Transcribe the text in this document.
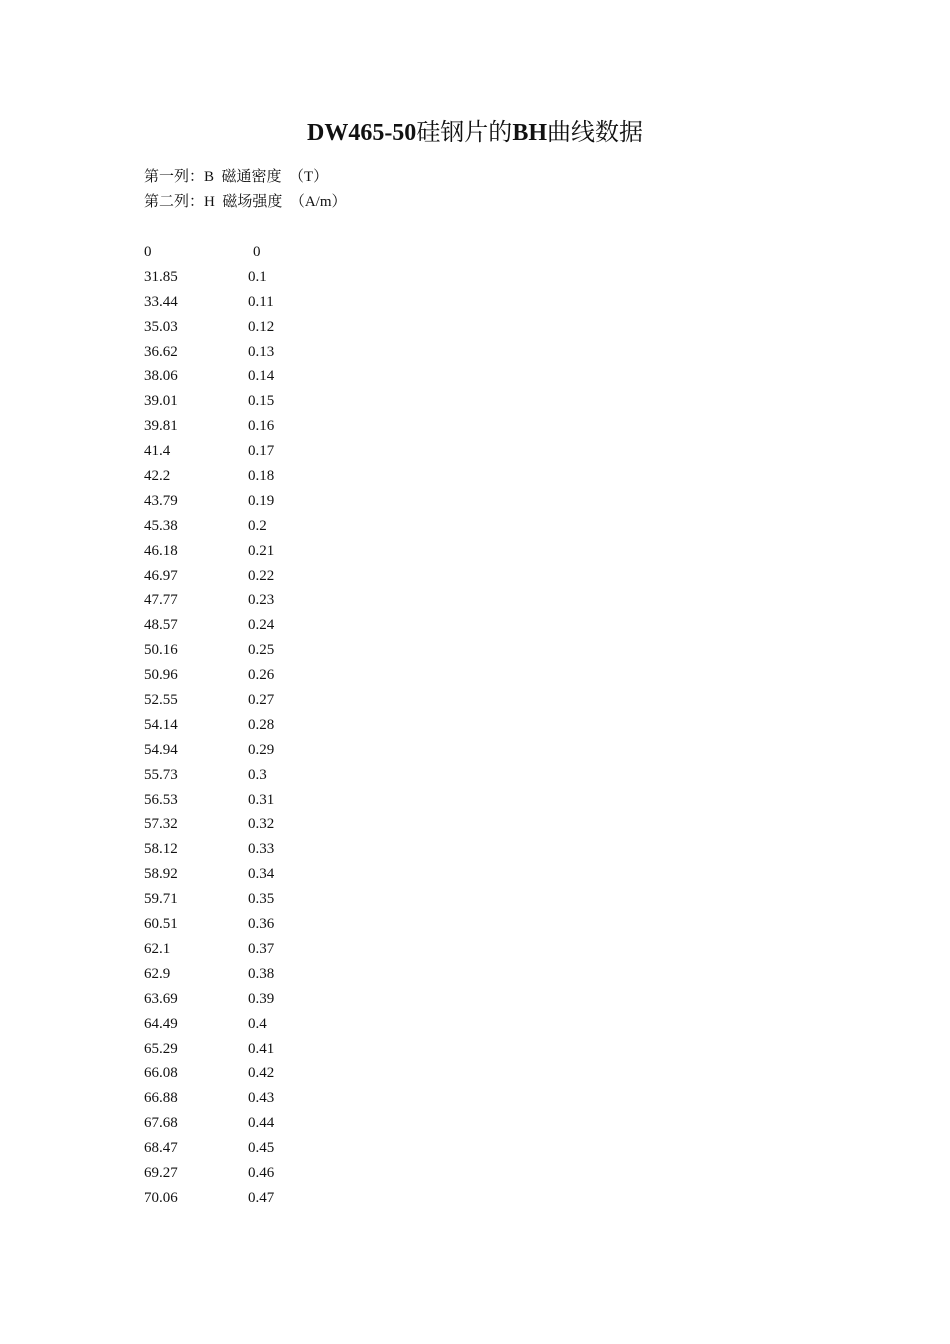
DW465-50硅钢片的BH曲线数据
第一列：B  磁通密度  （T）
第二列：H  磁场强度  （A/m）
0	0
31.85	0.1
33.44	0.11
35.03	0.12
36.62	0.13
38.06	0.14
39.01	0.15
39.81	0.16
41.4	0.17
42.2	0.18
43.79	0.19
45.38	0.2
46.18	0.21
46.97	0.22
47.77	0.23
48.57	0.24
50.16	0.25
50.96	0.26
52.55	0.27
54.14	0.28
54.94	0.29
55.73	0.3
56.53	0.31
57.32	0.32
58.12	0.33
58.92	0.34
59.71	0.35
60.51	0.36
62.1	0.37
62.9	0.38
63.69	0.39
64.49	0.4
65.29	0.41
66.08	0.42
66.88	0.43
67.68	0.44
68.47	0.45
69.27	0.46
70.06	0.47
